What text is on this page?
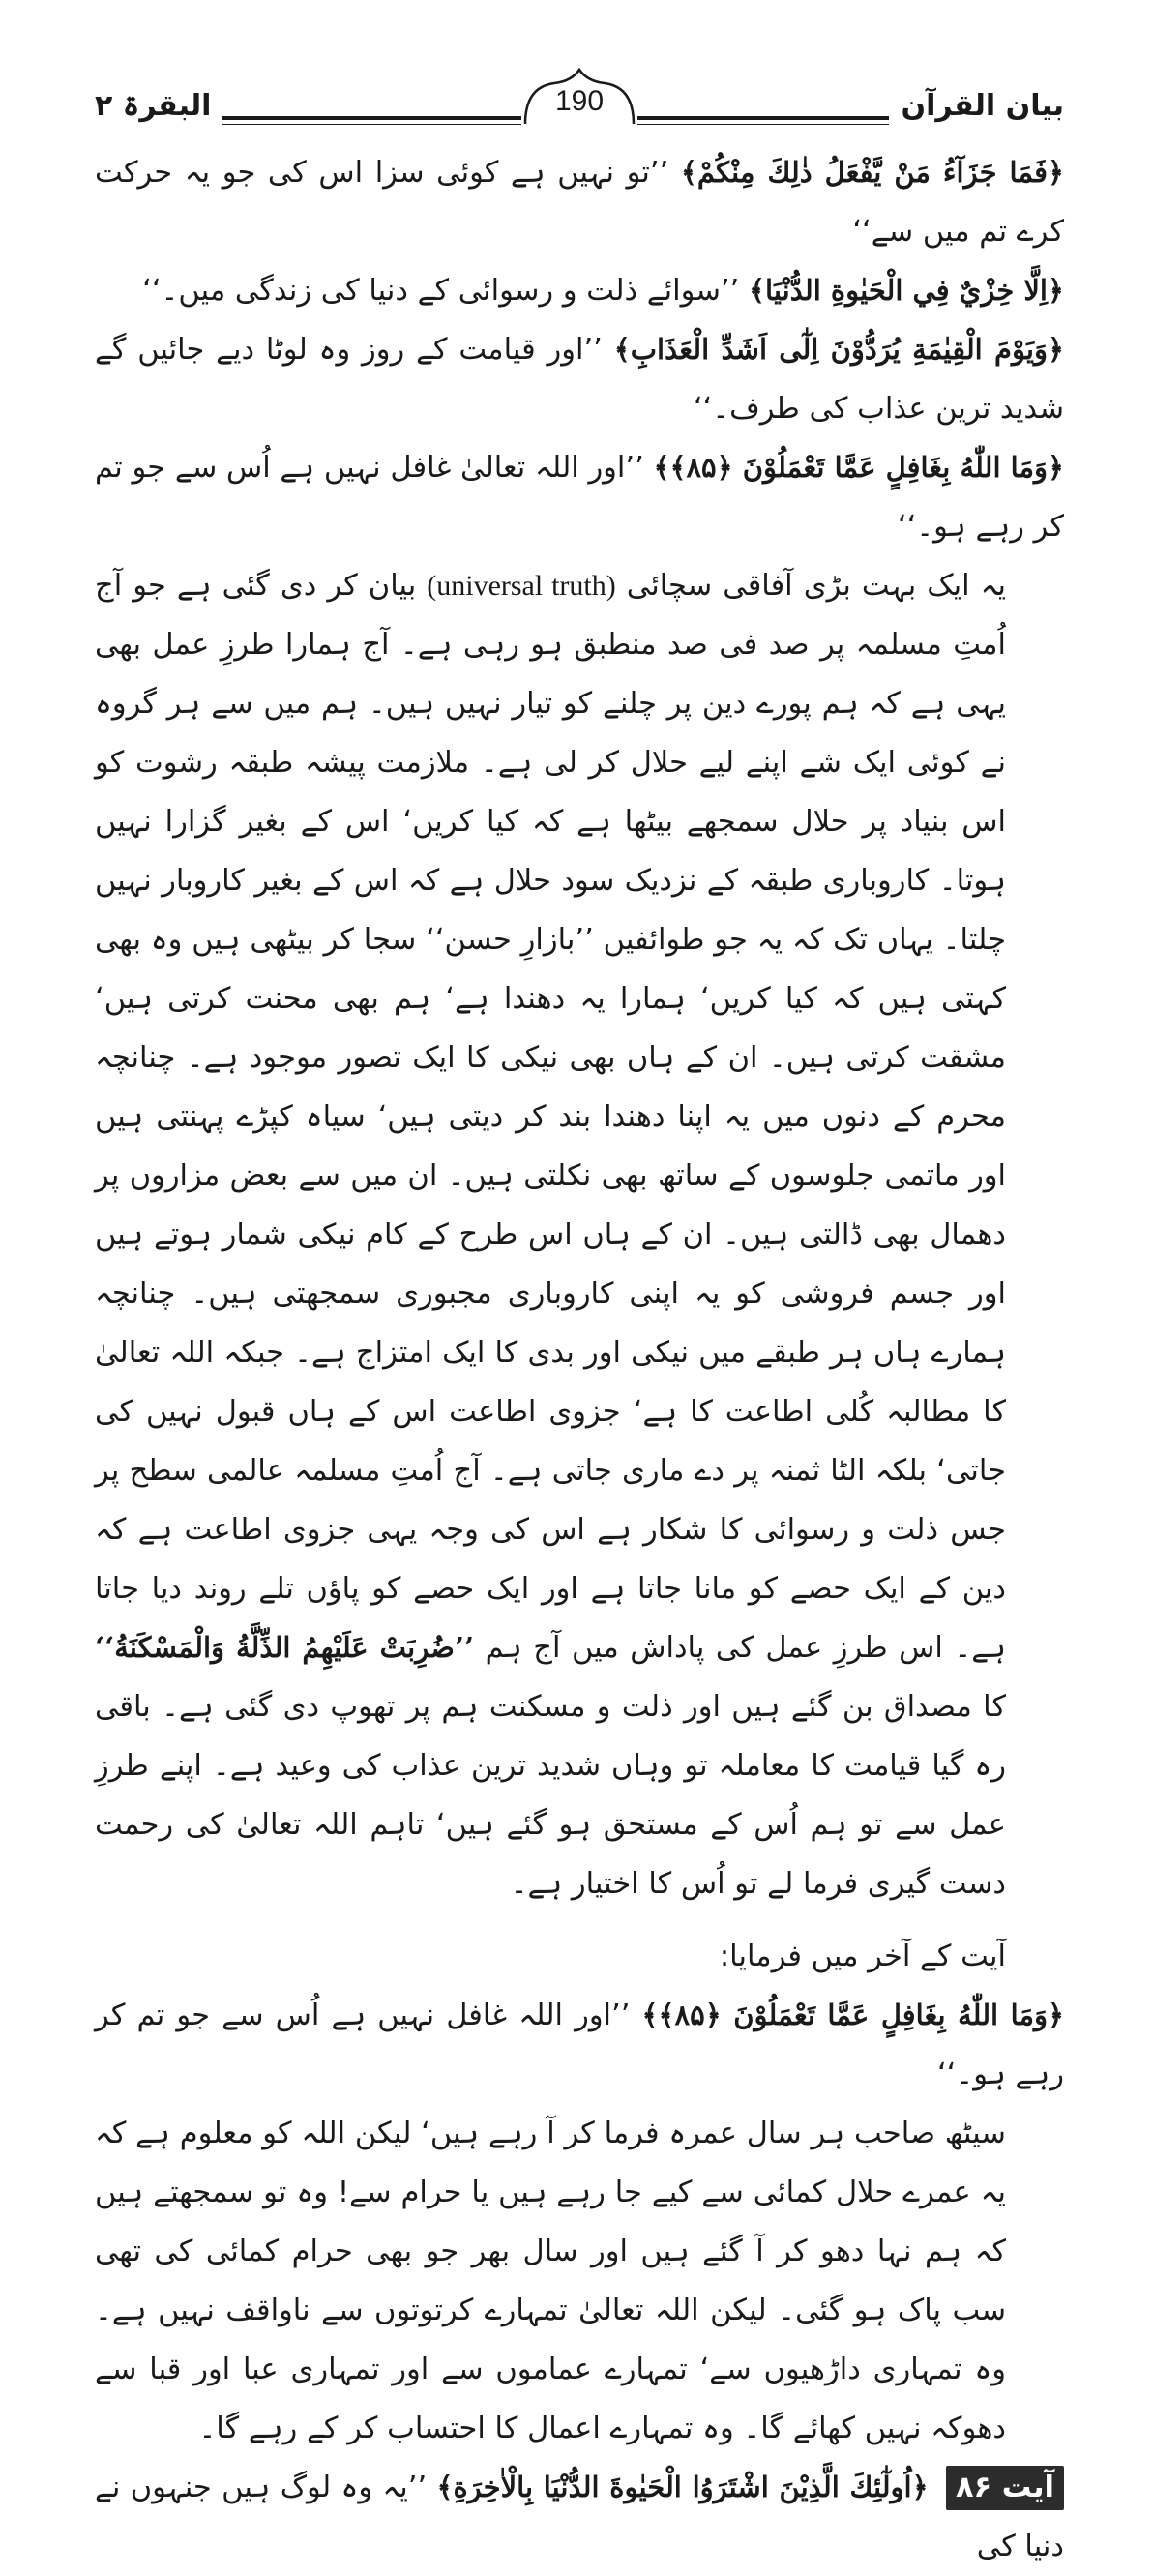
بیان القرآن
البقرۃ ۲	190

﴿فَمَا جَزَآءُ مَنْ يَّفْعَلُ ذٰلِكَ مِنْكُمْ﴾ ’’تو نہیں ہے کوئی سزا اس کی جو یہ حرکت کرے تم میں سے‘‘

﴿اِلَّا خِزْيٌ فِي الْحَيٰوةِ الدُّنْيَا﴾ ’’سوائے ذلت و رسوائی کے دنیا کی زندگی میں۔‘‘

﴿وَيَوْمَ الْقِيٰمَةِ يُرَدُّوْنَ اِلٰٓى اَشَدِّ الْعَذَابِ﴾ ’’اور قیامت کے روز وہ لوٹا دیے جائیں گے شدید ترین عذاب کی طرف۔‘‘

﴿وَمَا اللّٰهُ بِغَافِلٍ عَمَّا تَعْمَلُوْنَ ﴿۸۵﴾﴾ ’’اور اللہ تعالیٰ غافل نہیں ہے اُس سے جو تم کر رہے ہو۔‘‘

یہ ایک بہت بڑی آفاقی سچائی (universal truth) بیان کر دی گئی ہے جو آج اُمتِ مسلمہ پر صد فی صد منطبق ہو رہی ہے۔ آج ہمارا طرزِ عمل بھی یہی ہے کہ ہم پورے دین پر چلنے کو تیار نہیں ہیں۔ ہم میں سے ہر گروہ نے کوئی ایک شے اپنے لیے حلال کر لی ہے۔ ملازمت پیشہ طبقہ رشوت کو اس بنیاد پر حلال سمجھے بیٹھا ہے کہ کیا کریں‘ اس کے بغیر گزارا نہیں ہوتا۔ کاروباری طبقہ کے نزدیک سود حلال ہے کہ اس کے بغیر کاروبار نہیں چلتا۔ یہاں تک کہ یہ جو طوائفیں ’’بازارِ حسن‘‘ سجا کر بیٹھی ہیں وہ بھی کہتی ہیں کہ کیا کریں‘ ہمارا یہ دھندا ہے‘ ہم بھی محنت کرتی ہیں‘ مشقت کرتی ہیں۔ ان کے ہاں بھی نیکی کا ایک تصور موجود ہے۔ چنانچہ محرم کے دنوں میں یہ اپنا دھندا بند کر دیتی ہیں‘ سیاہ کپڑے پہنتی ہیں اور ماتمی جلوسوں کے ساتھ بھی نکلتی ہیں۔ ان میں سے بعض مزاروں پر دھمال بھی ڈالتی ہیں۔ ان کے ہاں اس طرح کے کام نیکی شمار ہوتے ہیں اور جسم فروشی کو یہ اپنی کاروباری مجبوری سمجھتی ہیں۔ چنانچہ ہمارے ہاں ہر طبقے میں نیکی اور بدی کا ایک امتزاج ہے۔ جبکہ اللہ تعالیٰ کا مطالبہ کُلی اطاعت کا ہے‘ جزوی اطاعت اس کے ہاں قبول نہیں کی جاتی‘ بلکہ الٹا ثمنہ پر دے ماری جاتی ہے۔ آج اُمتِ مسلمہ عالمی سطح پر جس ذلت و رسوائی کا شکار ہے اس کی وجہ یہی جزوی اطاعت ہے کہ دین کے ایک حصے کو مانا جاتا ہے اور ایک حصے کو پاؤں تلے روند دیا جاتا ہے۔ اس طرزِ عمل کی پاداش میں آج ہم ’’ضُرِبَتْ عَلَيْهِمُ الذِّلَّةُ وَالْمَسْكَنَةُ‘‘ کا مصداق بن گئے ہیں اور ذلت و مسکنت ہم پر تھوپ دی گئی ہے۔ باقی رہ گیا قیامت کا معاملہ تو وہاں شدید ترین عذاب کی وعید ہے۔ اپنے طرزِ عمل سے تو ہم اُس کے مستحق ہو گئے ہیں‘ تاہم اللہ تعالیٰ کی رحمت دست گیری فرما لے تو اُس کا اختیار ہے۔

آیت کے آخر میں فرمایا:

﴿وَمَا اللّٰهُ بِغَافِلٍ عَمَّا تَعْمَلُوْنَ ﴿۸۵﴾﴾ ’’اور اللہ غافل نہیں ہے اُس سے جو تم کر رہے ہو۔‘‘

سیٹھ صاحب ہر سال عمرہ فرما کر آ رہے ہیں‘ لیکن اللہ کو معلوم ہے کہ یہ عمرے حلال کمائی سے کیے جا رہے ہیں یا حرام سے! وہ تو سمجھتے ہیں کہ ہم نہا دھو کر آ گئے ہیں اور سال بھر جو بھی حرام کمائی کی تھی سب پاک ہو گئی۔ لیکن اللہ تعالیٰ تمہارے کرتوتوں سے ناواقف نہیں ہے۔ وہ تمہاری داڑھیوں سے‘ تمہارے عماموں سے اور تمہاری عبا اور قبا سے دھوکہ نہیں کھائے گا۔ وہ تمہارے اعمال کا احتساب کر کے رہے گا۔

آیت ۸۶ ﴿اُولٰٓئِكَ الَّذِيْنَ اشْتَرَوُا الْحَيٰوةَ الدُّنْيَا بِالْاٰخِرَةِ﴾ ’’یہ وہ لوگ ہیں جنہوں نے دنیا کی
